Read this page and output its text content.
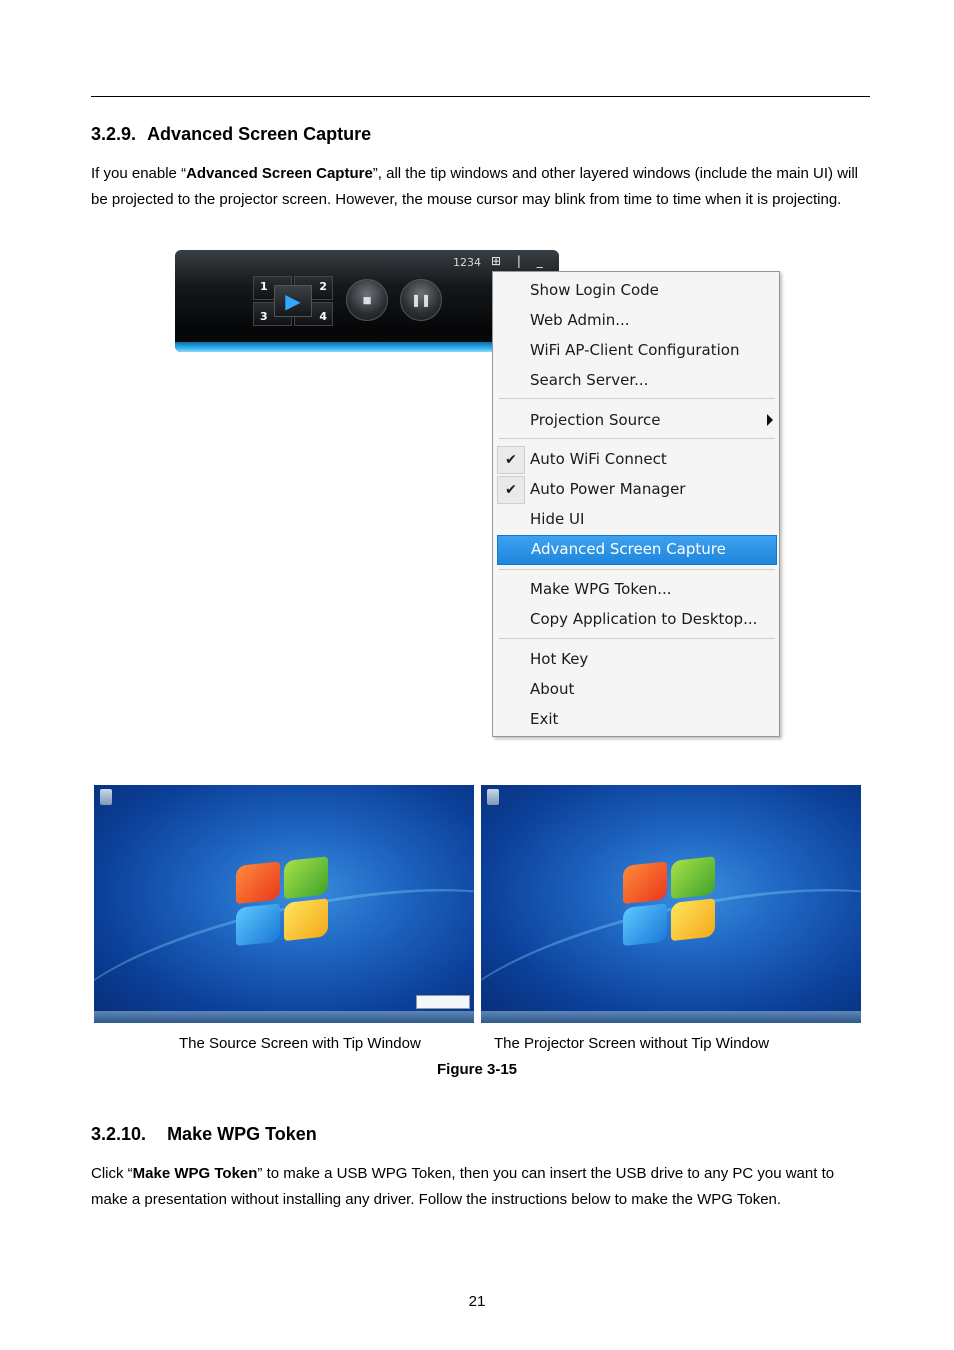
3.2.9. Advanced Screen Capture
If you enable “Advanced Screen Capture”, all the tip windows and other layered windows (include the main UI) will be projected to the projector screen. However, the mouse cursor may blink from time to time when it is projecting.
1234 ⊞ | _
1	2
3	4
▶	■	❚❚
Show Login Code
Web Admin...
WiFi AP-Client Configuration
Search Server...
Projection Source
✔ Auto WiFi Connect
✔ Auto Power Manager
Hide UI
Advanced Screen Capture
Make WPG Token...
Copy Application to Desktop...
Hot Key
About
Exit
The Source Screen with Tip Window	The Projector Screen without Tip Window
Figure 3-15
3.2.10. Make WPG Token
Click “Make WPG Token” to make a USB WPG Token, then you can insert the USB drive to any PC you want to make a presentation without installing any driver. Follow the instructions below to make the WPG Token.
21
